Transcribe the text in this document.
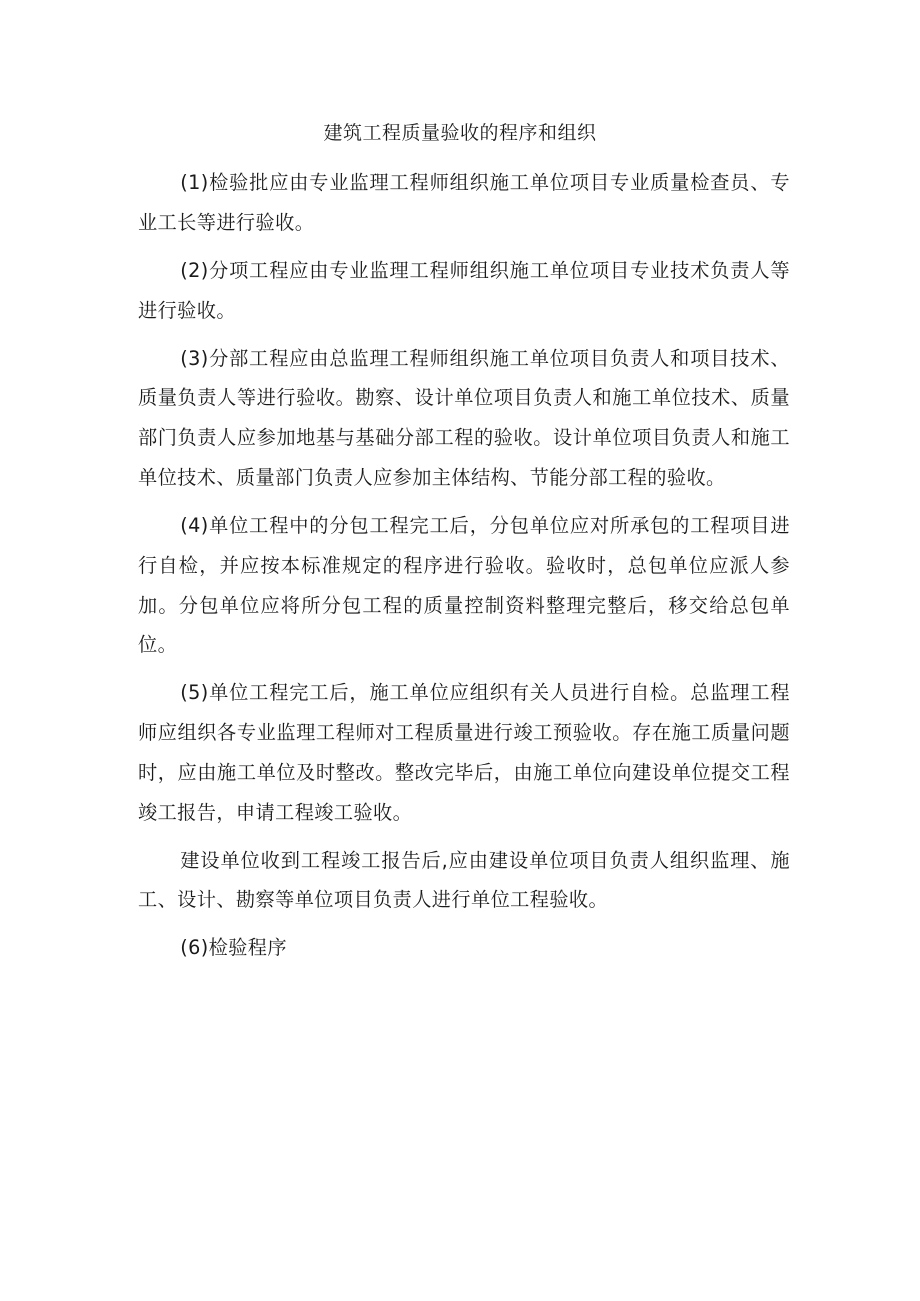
建筑工程质量验收的程序和组织

(1)检验批应由专业监理工程师组织施工单位项目专业质量检查员、专业工长等进行验收。

(2)分项工程应由专业监理工程师组织施工单位项目专业技术负责人等进行验收。

(3)分部工程应由总监理工程师组织施工单位项目负责人和项目技术、质量负责人等进行验收。勘察、设计单位项目负责人和施工单位技术、质量部门负责人应参加地基与基础分部工程的验收。设计单位项目负责人和施工单位技术、质量部门负责人应参加主体结构、节能分部工程的验收。

(4)单位工程中的分包工程完工后，分包单位应对所承包的工程项目进行自检，并应按本标准规定的程序进行验收。验收时，总包单位应派人参加。分包单位应将所分包工程的质量控制资料整理完整后，移交给总包单位。

(5)单位工程完工后，施工单位应组织有关人员进行自检。总监理工程师应组织各专业监理工程师对工程质量进行竣工预验收。存在施工质量问题时，应由施工单位及时整改。整改完毕后，由施工单位向建设单位提交工程竣工报告，申请工程竣工验收。

建设单位收到工程竣工报告后,应由建设单位项目负责人组织监理、施工、设计、勘察等单位项目负责人进行单位工程验收。

(6)检验程序
